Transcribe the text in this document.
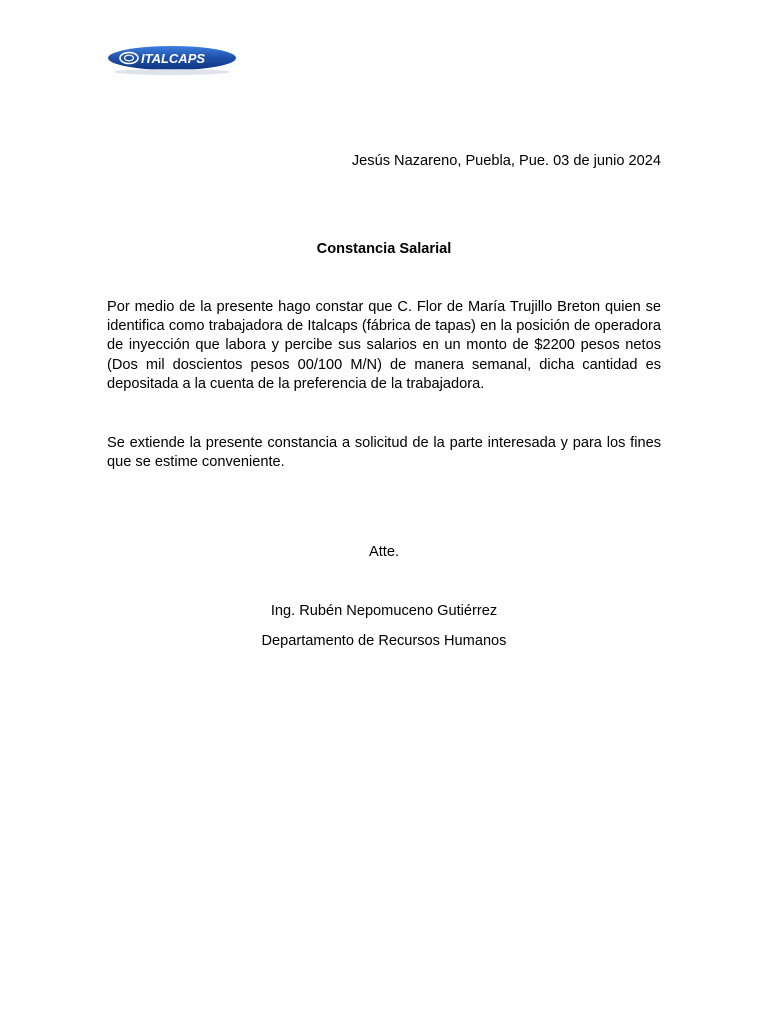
ITALCAPS
Jesús Nazareno, Puebla, Pue. 03 de junio 2024
Constancia Salarial

Por medio de la presente hago constar que C. Flor de María Trujillo Breton quien se identifica como trabajadora de Italcaps (fábrica de tapas) en la posición de operadora de inyección que labora y percibe sus salarios en un monto de $2200 pesos netos (Dos mil doscientos pesos 00/100 M/N) de manera semanal, dicha cantidad es depositada a la cuenta de la preferencia de la trabajadora.

Se extiende la presente constancia a solicitud de la parte interesada y para los fines que se estime conveniente.

Atte.
Ing. Rubén Nepomuceno Gutiérrez
Departamento de Recursos Humanos
